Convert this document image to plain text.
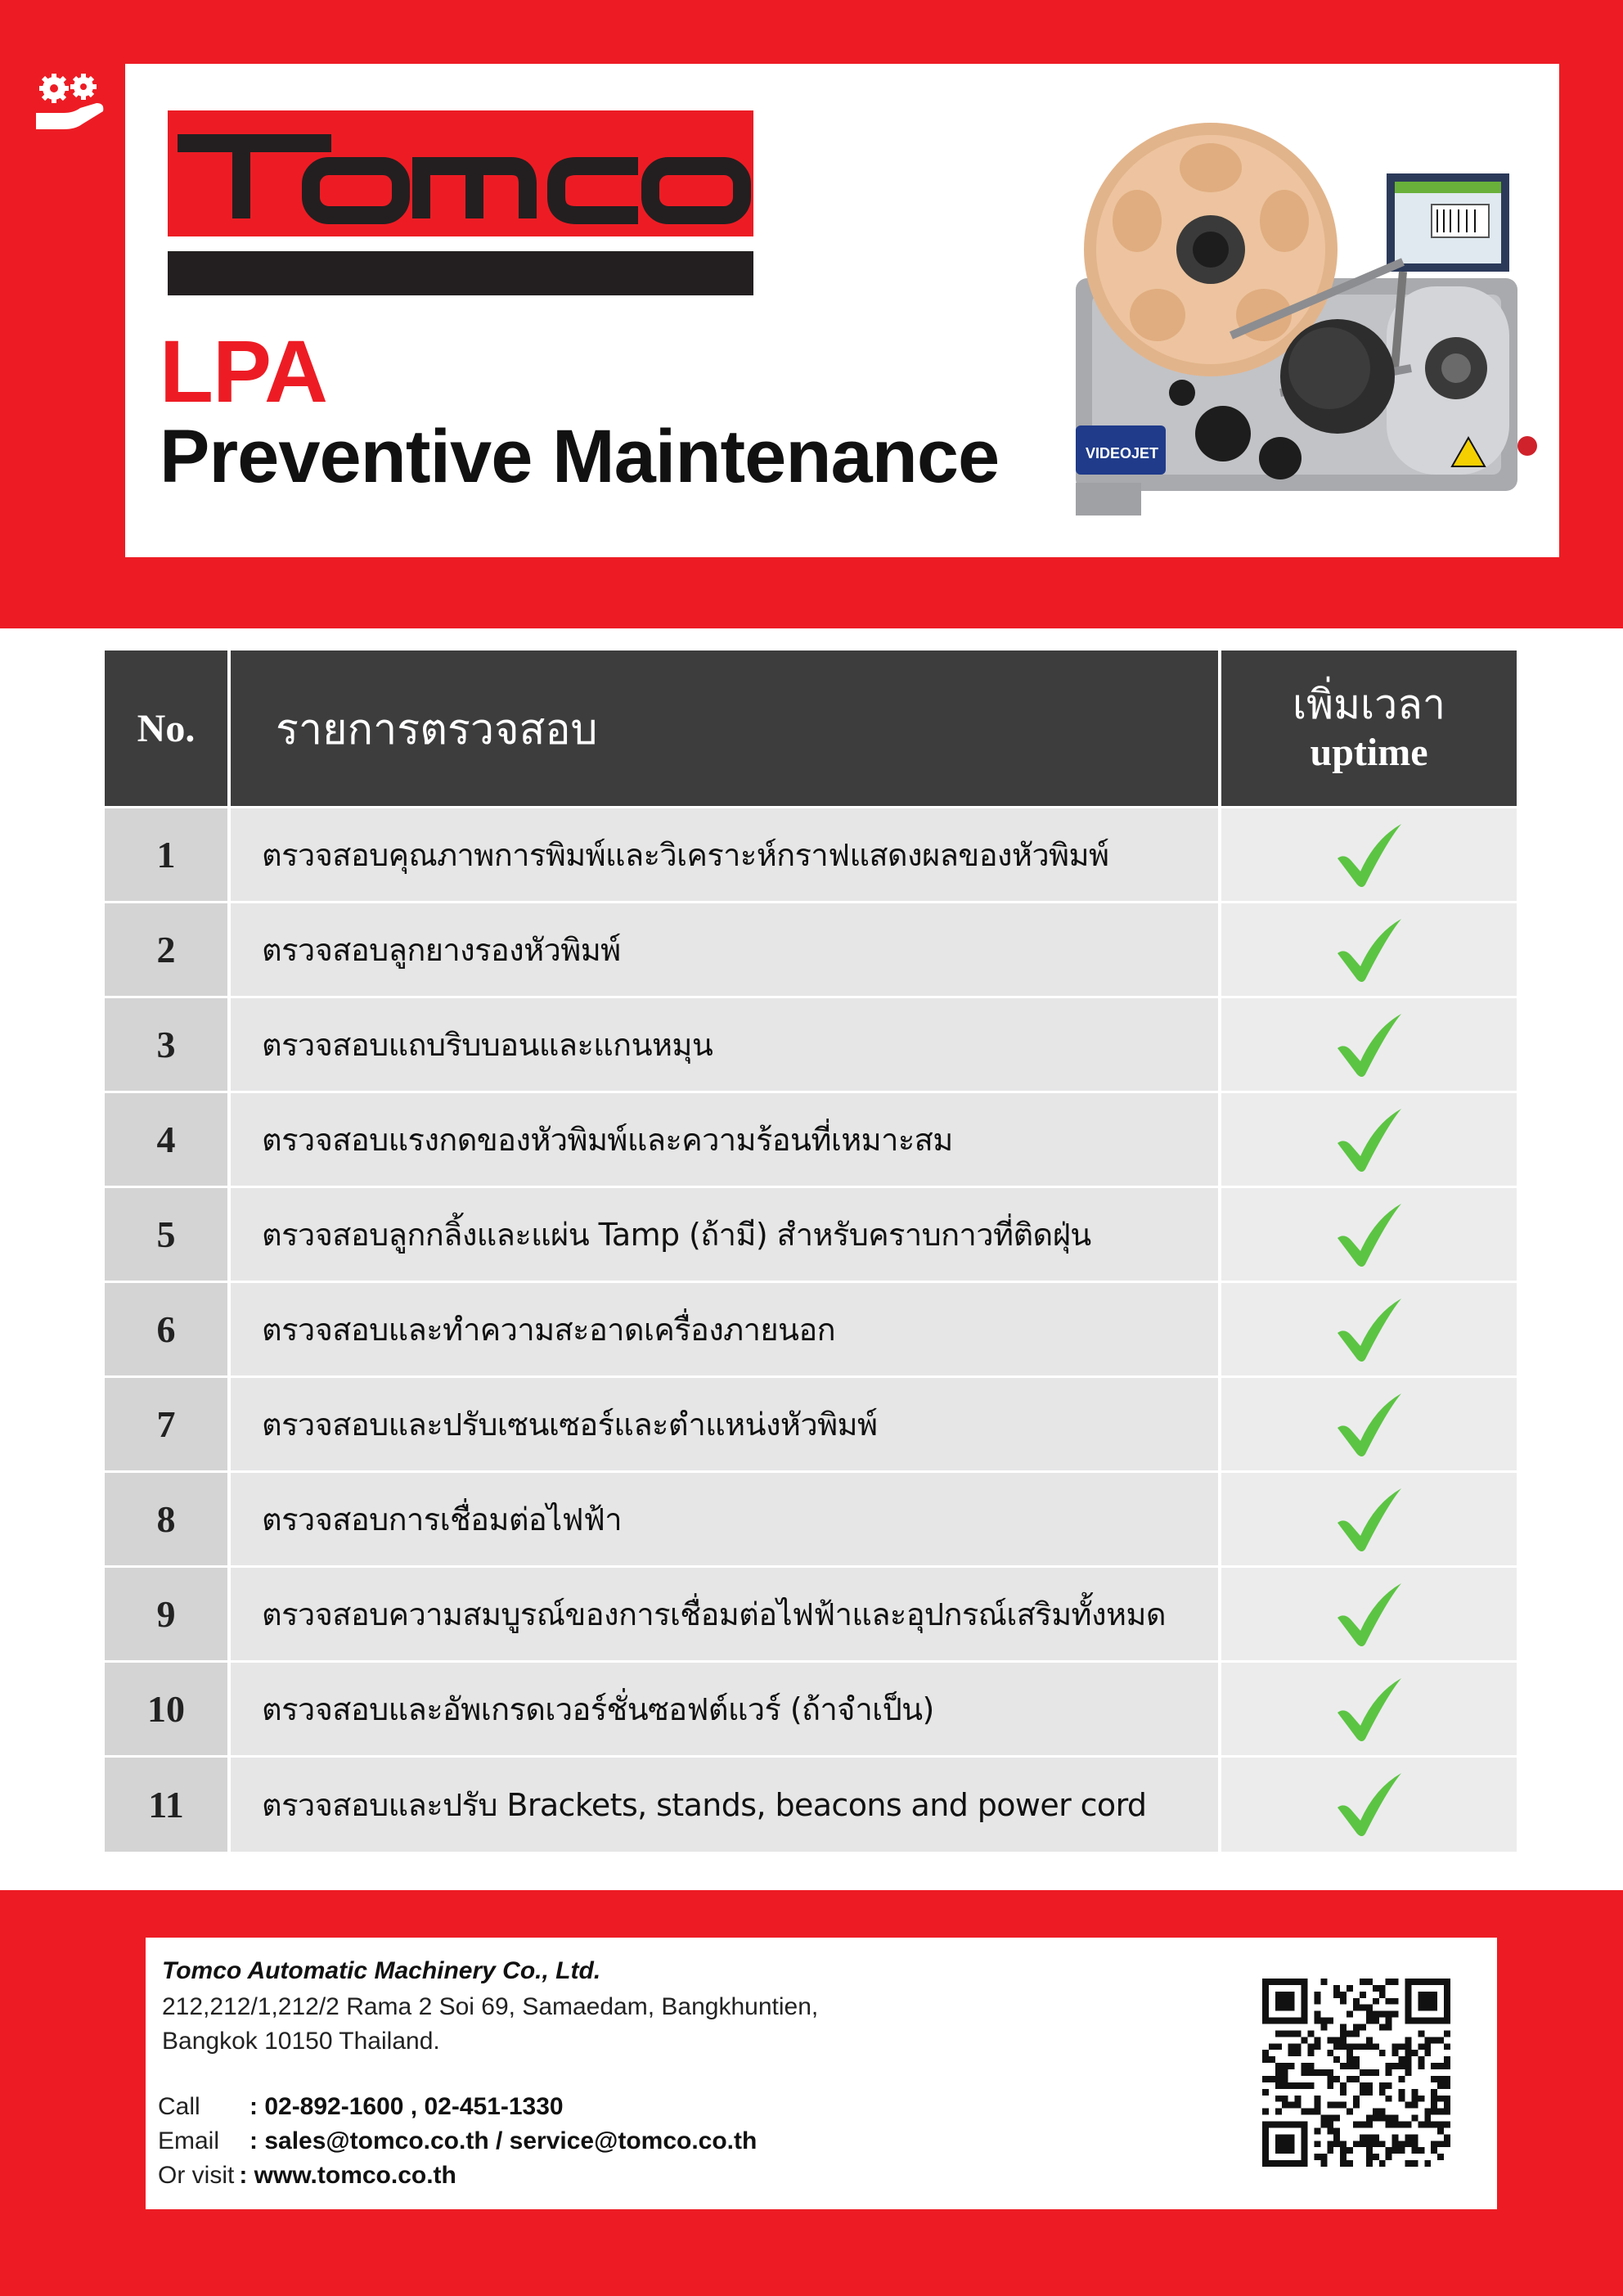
LPA
Preventive Maintenance	VIDEOJET
No.	รายการตรวจสอบ	เพิ่มเวลา
uptime

1	ตรวจสอบคุณภาพการพิมพ์และวิเคราะห์กราฟแสดงผลของหัวพิมพ์	

2	ตรวจสอบลูกยางรองหัวพิมพ์	

3	ตรวจสอบแถบริบบอนและแกนหมุน	

4	ตรวจสอบแรงกดของหัวพิมพ์และความร้อนที่เหมาะสม	

5	ตรวจสอบลูกกลิ้งและแผ่น Tamp (ถ้ามี) สำหรับคราบกาวที่ติดฝุ่น	

6	ตรวจสอบและทำความสะอาดเครื่องภายนอก	

7	ตรวจสอบและปรับเซนเซอร์และตำแหน่งหัวพิมพ์	

8	ตรวจสอบการเชื่อมต่อไฟฟ้า	

9	ตรวจสอบความสมบูรณ์ของการเชื่อมต่อไฟฟ้าและอุปกรณ์เสริมทั้งหมด	

10	ตรวจสอบและอัพเกรดเวอร์ชั่นซอฟต์แวร์ (ถ้าจำเป็น)	

11	ตรวจสอบและปรับ Brackets, stands, beacons and power cord	
Tomco Automatic Machinery Co., Ltd.
212,212/1,212/2 Rama 2 Soi 69, Samaedam, Bangkhuntien,
Bangkok 10150 Thailand.
Call : 02-892-1600 , 02-451-1330
Email : sales@tomco.co.th / service@tomco.co.th
Or visit : www.tomco.co.th
